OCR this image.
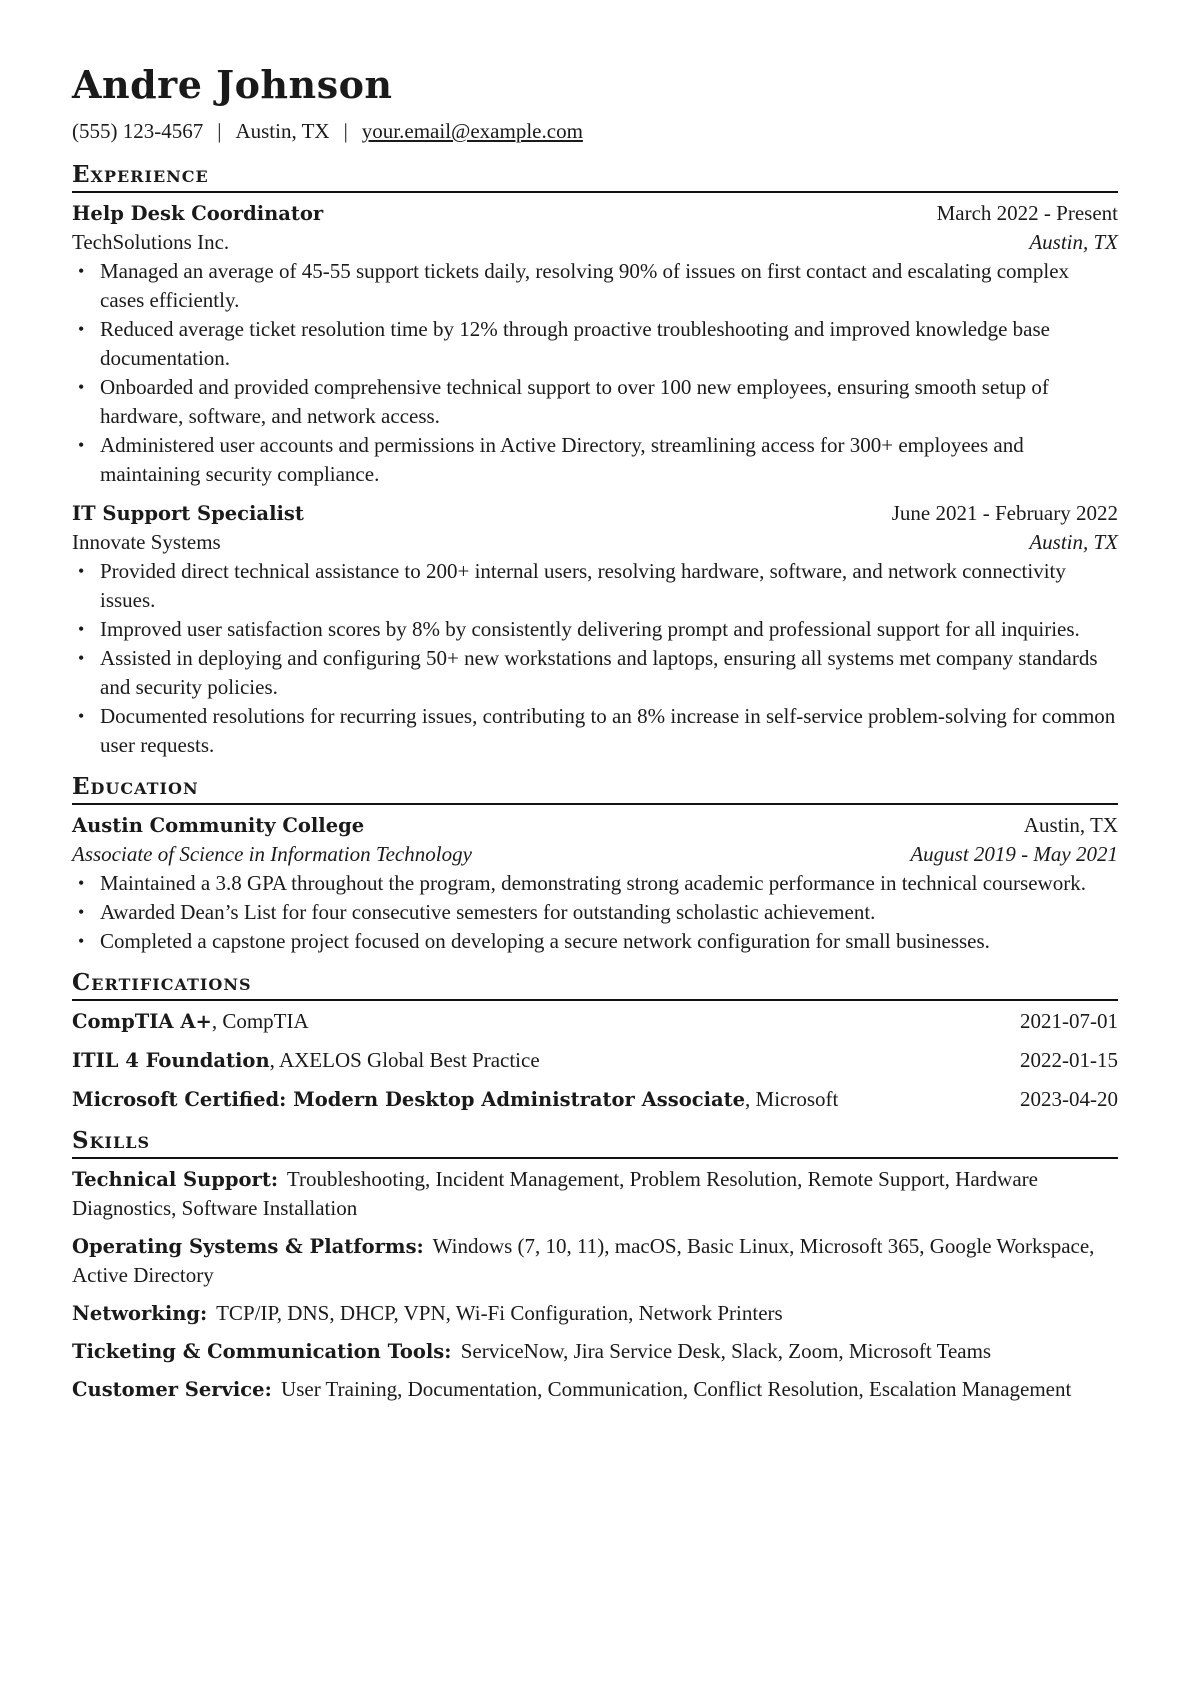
Andre Johnson
(555) 123-4567 | Austin, TX | your.email@example.com
Experience
Help Desk Coordinator	March 2022 - Present
TechSolutions Inc.	Austin, TX
• Managed an average of 45-55 support tickets daily, resolving 90% of issues on first contact and escalating complex cases efficiently.
• Reduced average ticket resolution time by 12% through proactive troubleshooting and improved knowledge base documentation.
• Onboarded and provided comprehensive technical support to over 100 new employees, ensuring smooth setup of hardware, software, and network access.
• Administered user accounts and permissions in Active Directory, streamlining access for 300+ employees and maintaining security compliance.
IT Support Specialist	June 2021 - February 2022
Innovate Systems	Austin, TX
• Provided direct technical assistance to 200+ internal users, resolving hardware, software, and network connectivity issues.
• Improved user satisfaction scores by 8% by consistently delivering prompt and professional support for all inquiries.
• Assisted in deploying and configuring 50+ new workstations and laptops, ensuring all systems met company standards and security policies.
• Documented resolutions for recurring issues, contributing to an 8% increase in self-service problem-solving for common user requests.
Education
Austin Community College	Austin, TX
Associate of Science in Information Technology	August 2019 - May 2021
• Maintained a 3.8 GPA throughout the program, demonstrating strong academic performance in technical coursework.
• Awarded Dean’s List for four consecutive semesters for outstanding scholastic achievement.
• Completed a capstone project focused on developing a secure network configuration for small businesses.
Certifications
CompTIA A+, CompTIA	2021-07-01
ITIL 4 Foundation, AXELOS Global Best Practice	2022-01-15
Microsoft Certified: Modern Desktop Administrator Associate, Microsoft	2023-04-20
Skills
Technical Support: Troubleshooting, Incident Management, Problem Resolution, Remote Support, Hardware Diagnostics, Software Installation
Operating Systems & Platforms: Windows (7, 10, 11), macOS, Basic Linux, Microsoft 365, Google Workspace, Active Directory
Networking: TCP/IP, DNS, DHCP, VPN, Wi-Fi Configuration, Network Printers
Ticketing & Communication Tools: ServiceNow, Jira Service Desk, Slack, Zoom, Microsoft Teams
Customer Service: User Training, Documentation, Communication, Conflict Resolution, Escalation Management
